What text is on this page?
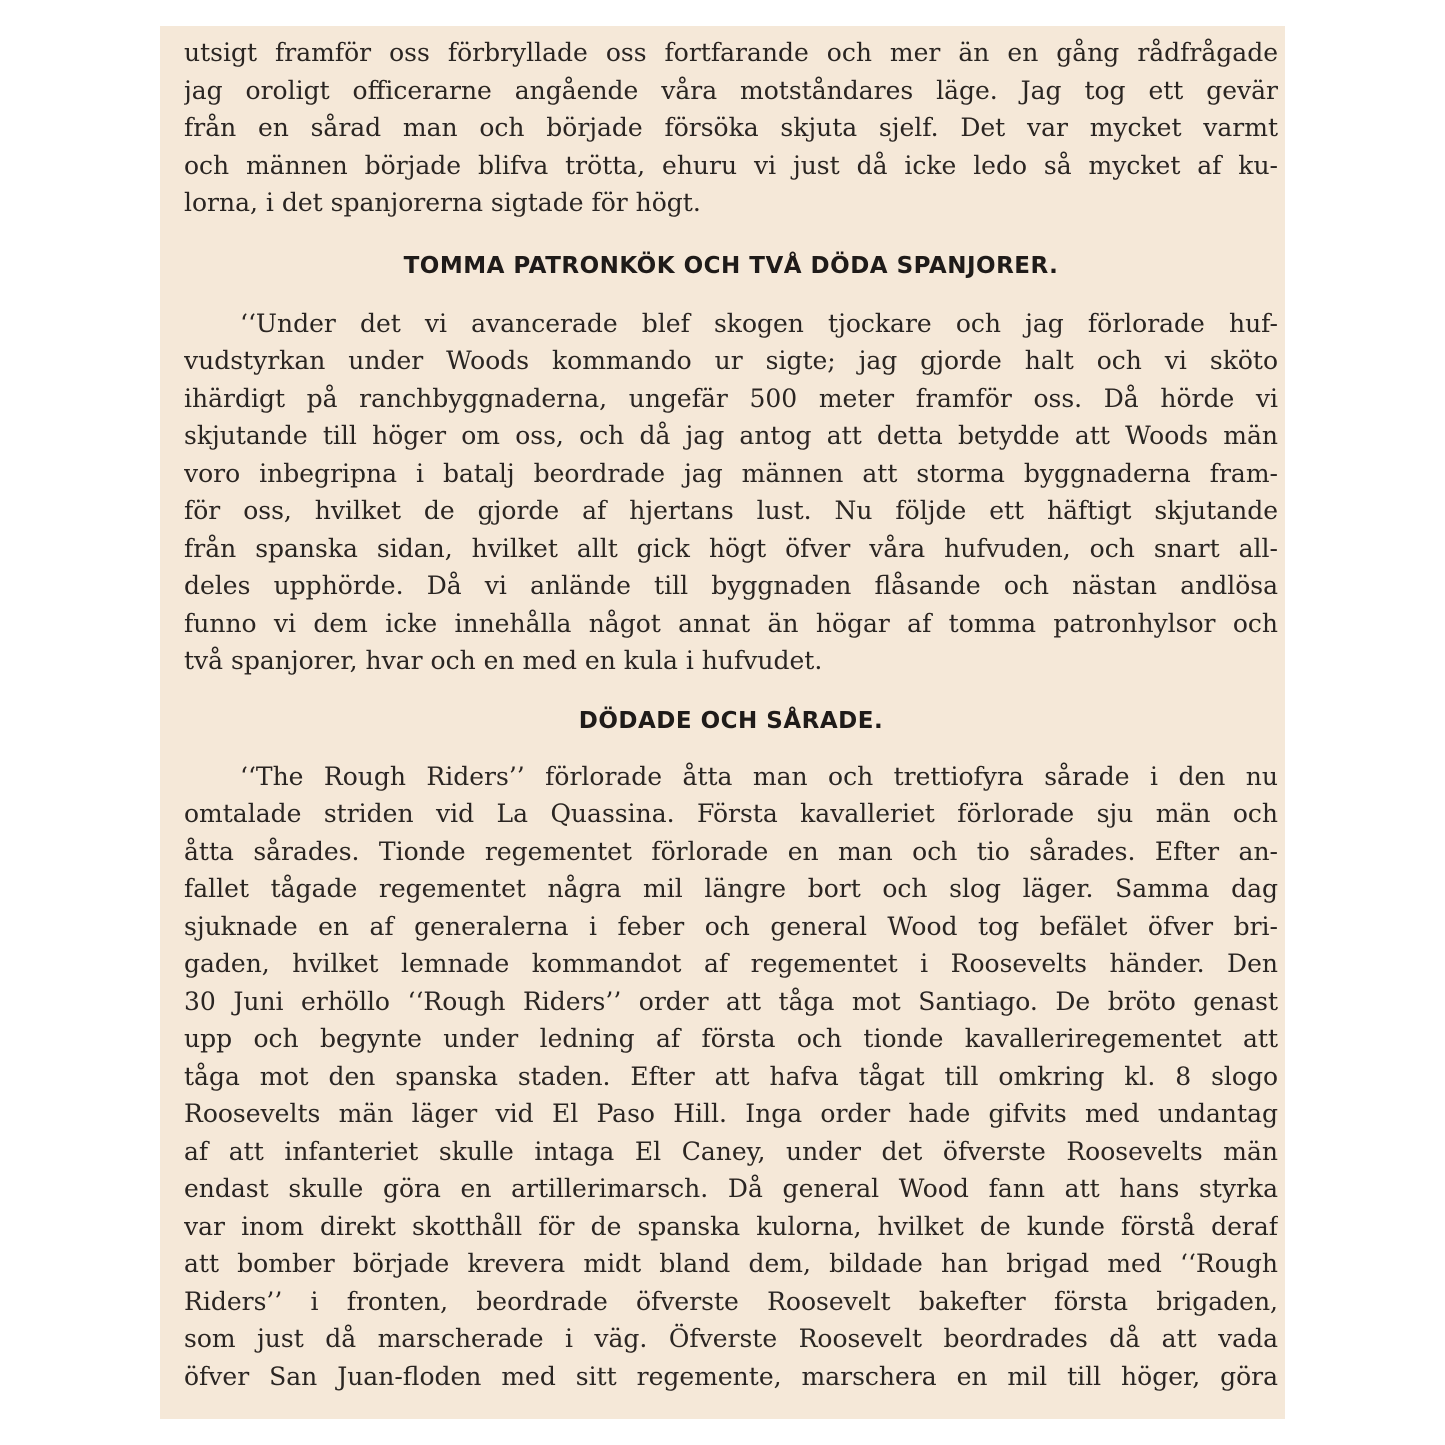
utsigt framför oss förbryllade oss fortfarande och mer än en gång rådfrågade
jag oroligt officerarne angående våra motståndares läge. Jag tog ett gevär
från en sårad man och började försöka skjuta sjelf. Det var mycket varmt
och männen började blifva trötta, ehuru vi just då icke ledo så mycket af ku-
lorna, i det spanjorerna sigtade för högt.
TOMMA PATRONKÖK OCH TVÅ DÖDA SPANJORER.
‘‘Under det vi avancerade blef skogen tjockare och jag förlorade huf-
vudstyrkan under Woods kommando ur sigte; jag gjorde halt och vi sköto
ihärdigt på ranchbyggnaderna, ungefär 500 meter framför oss. Då hörde vi
skjutande till höger om oss, och då jag antog att detta betydde att Woods män
voro inbegripna i batalj beordrade jag männen att storma byggnaderna fram-
för oss, hvilket de gjorde af hjertans lust. Nu följde ett häftigt skjutande
från spanska sidan, hvilket allt gick högt öfver våra hufvuden, och snart all-
deles upphörde. Då vi anlände till byggnaden flåsande och nästan andlösa
funno vi dem icke innehålla något annat än högar af tomma patronhylsor och
två spanjorer, hvar och en med en kula i hufvudet.
DÖDADE OCH SÅRADE.
‘‘The Rough Riders’’ förlorade åtta man och trettiofyra sårade i den nu
omtalade striden vid La Quassina. Första kavalleriet förlorade sju män och
åtta sårades. Tionde regementet förlorade en man och tio sårades. Efter an-
fallet tågade regementet några mil längre bort och slog läger. Samma dag
sjuknade en af generalerna i feber och general Wood tog befälet öfver bri-
gaden, hvilket lemnade kommandot af regementet i Roosevelts händer. Den
30 Juni erhöllo ‘‘Rough Riders’’ order att tåga mot Santiago. De bröto genast
upp och begynte under ledning af första och tionde kavalleriregementet att
tåga mot den spanska staden. Efter att hafva tågat till omkring kl. 8 slogo
Roosevelts män läger vid El Paso Hill. Inga order hade gifvits med undantag
af att infanteriet skulle intaga El Caney, under det öfverste Roosevelts män
endast skulle göra en artillerimarsch. Då general Wood fann att hans styrka
var inom direkt skotthåll för de spanska kulorna, hvilket de kunde förstå deraf
att bomber började krevera midt bland dem, bildade han brigad med ‘‘Rough
Riders’’ i fronten, beordrade öfverste Roosevelt bakefter första brigaden,
som just då marscherade i väg. Öfverste Roosevelt beordrades då att vada
öfver San Juan-floden med sitt regemente, marschera en mil till höger, göra
